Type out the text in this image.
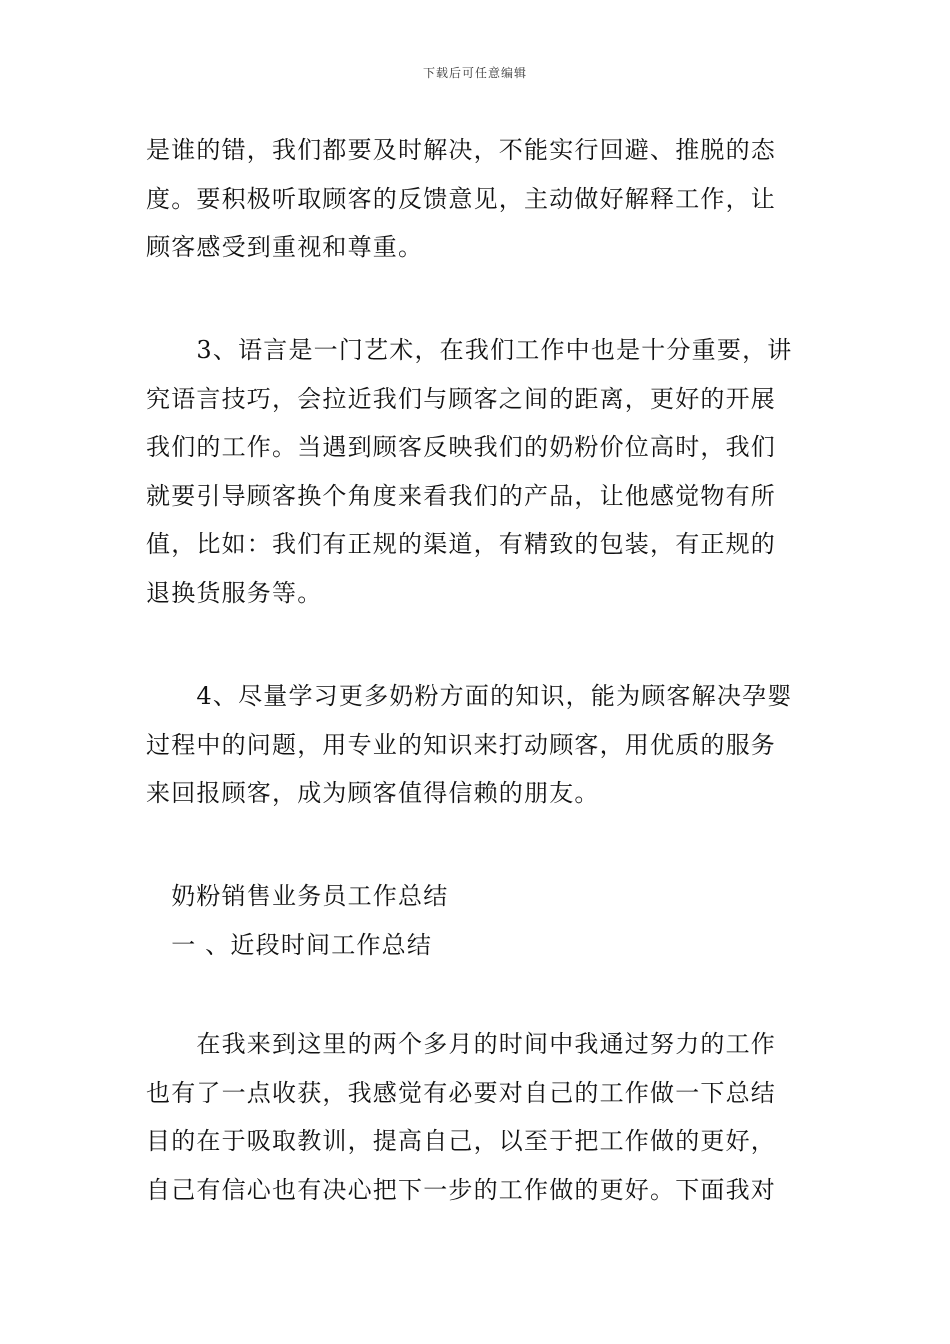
下载后可任意编辑
是谁的错，我们都要及时解决，不能实行回避、推脱的态
度。要积极听取顾客的反馈意见，主动做好解释工作，让
顾客感受到重视和尊重。
　　3、语言是一门艺术，在我们工作中也是十分重要，讲
究语言技巧，会拉近我们与顾客之间的距离，更好的开展
我们的工作。当遇到顾客反映我们的奶粉价位高时，我们
就要引导顾客换个角度来看我们的产品，让他感觉物有所
值，比如：我们有正规的渠道，有精致的包装，有正规的
退换货服务等。
　　4、尽量学习更多奶粉方面的知识，能为顾客解决孕婴
过程中的问题，用专业的知识来打动顾客，用优质的服务
来回报顾客，成为顾客值得信赖的朋友。
　奶粉销售业务员工作总结
　一 、近段时间工作总结
　　在我来到这里的两个多月的时间中我通过努力的工作
也有了一点收获，我感觉有必要对自己的工作做一下总结
目的在于吸取教训，提高自己，以至于把工作做的更好，
自己有信心也有决心把下一步的工作做的更好。下面我对
